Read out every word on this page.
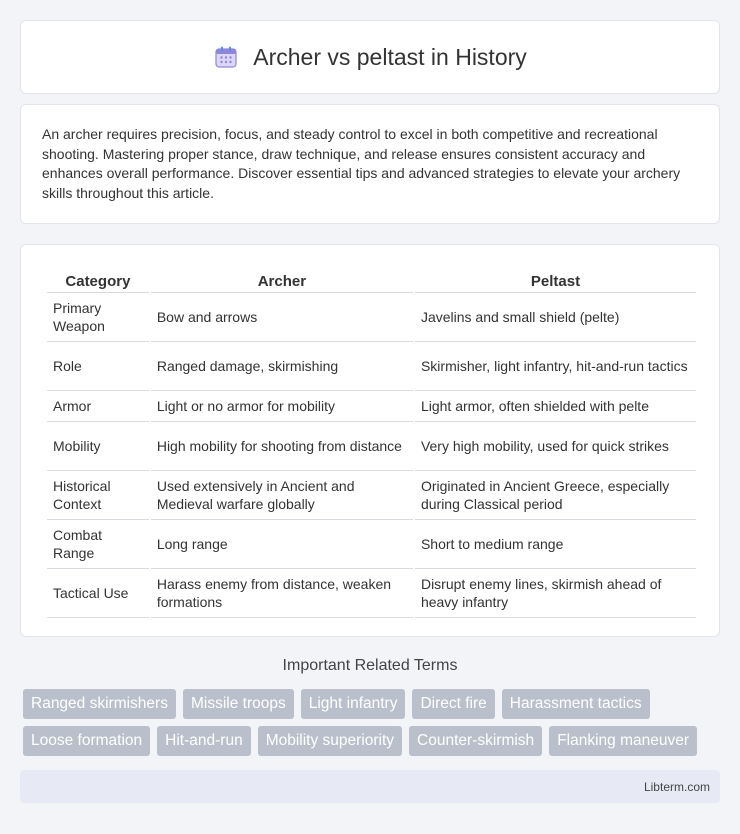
Archer vs peltast in History

An archer requires precision, focus, and steady control to excel in both competitive and recreational shooting. Mastering proper stance, draw technique, and release ensures consistent accuracy and enhances overall performance. Discover essential tips and advanced strategies to elevate your archery skills throughout this article.

Category	Archer	Peltast
Primary Weapon	Bow and arrows	Javelins and small shield (pelte)
Role	Ranged damage, skirmishing	Skirmisher, light infantry, hit-and-run tactics
Armor	Light or no armor for mobility	Light armor, often shielded with pelte
Mobility	High mobility for shooting from distance	Very high mobility, used for quick strikes
Historical Context	Used extensively in Ancient and Medieval warfare globally	Originated in Ancient Greece, especially during Classical period
Combat Range	Long range	Short to medium range
Tactical Use	Harass enemy from distance, weaken formations	Disrupt enemy lines, skirmish ahead of heavy infantry
Important Related Terms
Ranged skirmishers	Missile troops	Light infantry	Direct fire	Harassment tactics
Loose formation	Hit-and-run	Mobility superiority	Counter-skirmish	Flanking maneuver
Libterm.com
